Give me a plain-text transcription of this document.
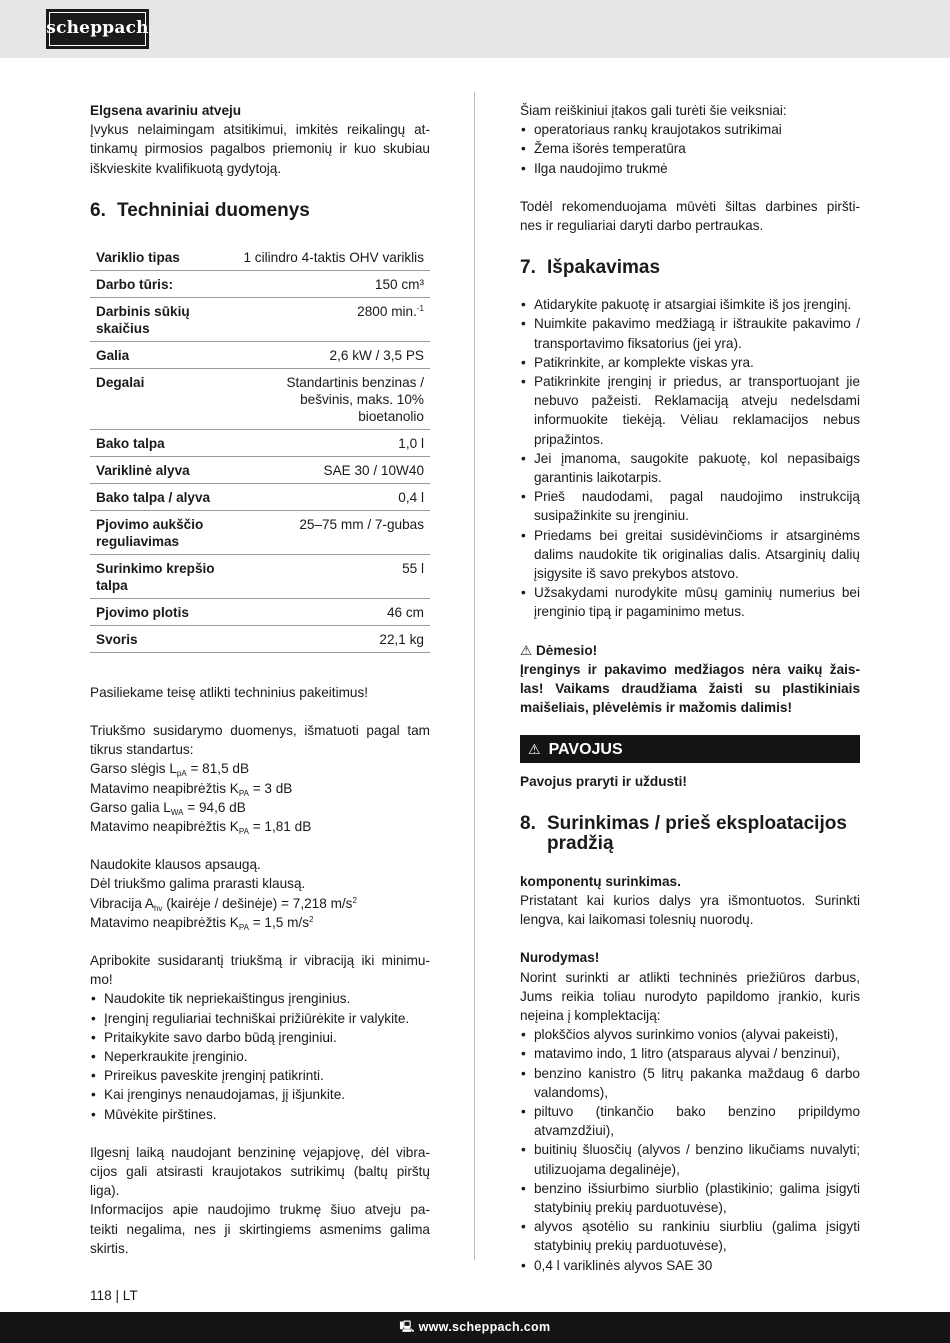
scheppach
Elgsena avariniu atveju
Įvykus nelaimingam atsitikimui, imkitės reikalingų at-
tinkamų pirmosios pagalbos priemonių ir kuo skubiau
iškvieskite kvalifikuotą gydytoją.
6. Techniniai duomenys
Variklio tipas	1 cilindro 4-taktis OHV variklis
Darbo tūris:	150 cm³
Darbinis sūkių skaičius	2800 min.$^{-1}$
Galia	2,6 kW / 3,5 PS
Degalai	Standartinis benzinas / bešvinis, maks. 10% bioetanolio
Bako talpa	1,0 l
Variklinė alyva	SAE 30 / 10W40
Bako talpa / alyva	0,4 l
Pjovimo aukščio reguliavimas	25–75 mm / 7-gubas
Surinkimo krepšio talpa	55 l
Pjovimo plotis	46 cm
Svoris	22,1 kg
Pasiliekame teisę atlikti techninius pakeitimus!
Triukšmo susidarymo duomenys, išmatuoti pagal tam
tikrus standartus:
Garso slėgis $L_{pA} = 81,5$ dB
Matavimo neapibrėžtis $K_{PA} = 3$ dB
Garso galia $L_{WA} = 94,6$ dB
Matavimo neapibrėžtis $K_{PA} = 1,81$ dB
Naudokite klausos apsaugą.
Dėl triukšmo galima prarasti klausą.
Vibracija $A_{hv}$ (kairėje / dešinėje) = 7,218 $m/s^2$
Matavimo neapibrėžtis $K_{PA} = 1,5$ $m/s^2$
Apribokite susidarantį triukšmą ir vibraciją iki minimu-
mo!
• Naudokite tik nepriekaištingus įrenginius.
• Įrenginį reguliariai techniškai prižiūrėkite ir valykite.
• Pritaikykite savo darbo būdą įrenginiui.
• Neperkraukite įrenginio.
• Prireikus paveskite įrenginį patikrinti.
• Kai įrenginys nenaudojamas, jį išjunkite.
• Mūvėkite pirštines.
Ilgesnį laiką naudojant benzininę vejapjovę, dėl vibra-
cijos gali atsirasti kraujotakos sutrikimų (baltų pirštų
liga).
Informacijos apie naudojimo trukmę šiuo atveju pa-
teikti negalima, nes ji skirtingiems asmenims galima
skirtis.
Šiam reiškiniui įtakos gali turėti šie veiksniai:
• operatoriaus rankų kraujotakos sutrikimai
• Žema išorės temperatūra
• Ilga naudojimo trukmė
Todėl rekomenduojama mūvėti šiltas darbines piršti-
nes ir reguliariai daryti darbo pertraukas.
7. Išpakavimas
• Atidarykite pakuotę ir atsargiai išimkite iš jos įrenginį.
• Nuimkite pakavimo medžiagą ir ištraukite pakavimo / transportavimo fiksatorius (jei yra).
• Patikrinkite, ar komplekte viskas yra.
• Patikrinkite įrenginį ir priedus, ar transportuojant jie nebuvo pažeisti. Reklamaciją atveju nedelsdami informuokite tiekėją. Vėliau reklamacijos nebus pripažintos.
• Jei įmanoma, saugokite pakuotę, kol nepasibaigs garantinis laikotarpis.
• Prieš naudodami, pagal naudojimo instrukciją susipažinkite su įrenginiu.
• Priedams bei greitai susidėvinčioms ir atsarginėms dalims naudokite tik originalias dalis. Atsarginių dalių įsigysite iš savo prekybos atstovo.
• Užsakydami nurodykite mūsų gaminių numerius bei įrenginio tipą ir pagaminimo metus.
⚠ Dėmesio!
Įrenginys ir pakavimo medžiagos nėra vaikų žais-
las! Vaikams draudžiama žaisti su plastikiniais
maišeliais, plėvelėmis ir mažomis dalimis!
⚠ PAVOJUS
Pavojus praryti ir uždusti!
8. Surinkimas / prieš eksploatacijos pradžią
komponentų surinkimas.
Pristatant kai kurios dalys yra išmontuotos. Surinkti
lengva, kai laikomasi tolesnių nuorodų.
Nurodymas!
Norint surinkti ar atlikti techninės priežiūros darbus,
Jums reikia toliau nurodyto papildomo įrankio, kuris
neįeina į komplektaciją:
• plokščios alyvos surinkimo vonios (alyvai pakeisti),
• matavimo indo, 1 litro (atsparaus alyvai / benzinui),
• benzino kanistro (5 litrų pakanka maždaug 6 darbo valandoms),
• piltuvo (tinkančio bako benzino pripildymo atvamzdžiui),
• buitinių šluosčių (alyvos / benzino likučiams nuvalyti; utilizuojama degalinėje),
• benzino išsiurbimo siurblio (plastikinio; galima įsigyti statybinių prekių parduotuvėse),
• alyvos ąsotėlio su rankiniu siurbliu (galima įsigyti statybinių prekių parduotuvėse),
• 0,4 l variklinės alyvos SAE 30
118 | LT
🖳 www.scheppach.com
